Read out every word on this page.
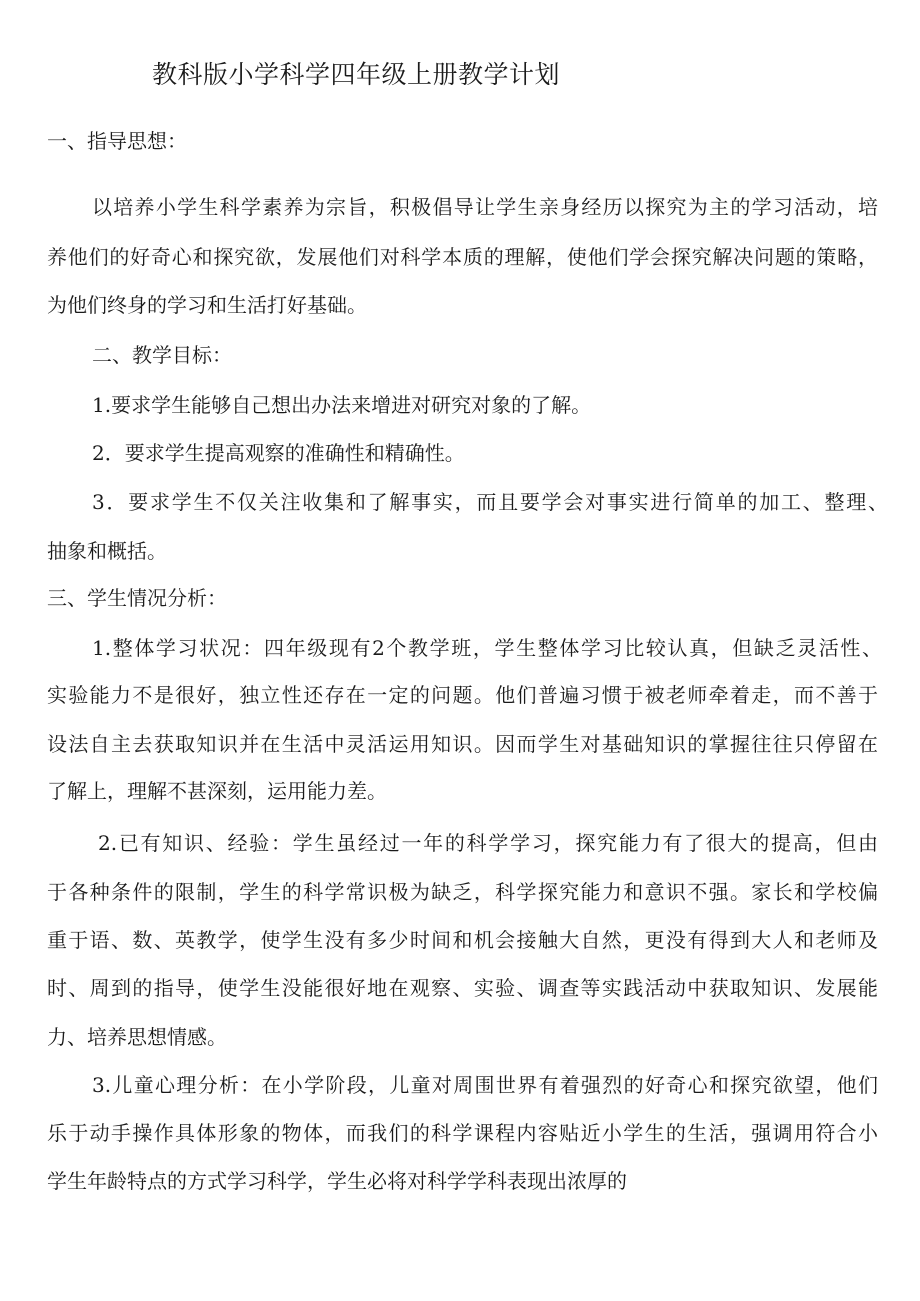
教科版小学科学四年级上册教学计划
一、指导思想：
以培养小学生科学素养为宗旨，积极倡导让学生亲身经历以探究为主的学习活动，培
养他们的好奇心和探究欲，发展他们对科学本质的理解，使他们学会探究解决问题的策略，
为他们终身的学习和生活打好基础。
二、教学目标：
1.要求学生能够自己想出办法来增进对研究对象的了解。
2．要求学生提高观察的准确性和精确性。
3．要求学生不仅关注收集和了解事实，而且要学会对事实进行简单的加工、整理、
抽象和概括。
三、学生情况分析：
1.整体学习状况：四年级现有2个教学班，学生整体学习比较认真，但缺乏灵活性、
实验能力不是很好，独立性还存在一定的问题。他们普遍习惯于被老师牵着走，而不善于
设法自主去获取知识并在生活中灵活运用知识。因而学生对基础知识的掌握往往只停留在
了解上，理解不甚深刻，运用能力差。
2.已有知识、经验：学生虽经过一年的科学学习，探究能力有了很大的提高，但由
于各种条件的限制，学生的科学常识极为缺乏，科学探究能力和意识不强。家长和学校偏
重于语、数、英教学，使学生没有多少时间和机会接触大自然，更没有得到大人和老师及
时、周到的指导，使学生没能很好地在观察、实验、调查等实践活动中获取知识、发展能
力、培养思想情感。
3.儿童心理分析：在小学阶段，儿童对周围世界有着强烈的好奇心和探究欲望，他们
乐于动手操作具体形象的物体，而我们的科学课程内容贴近小学生的生活，强调用符合小
学生年龄特点的方式学习科学，学生必将对科学学科表现出浓厚的
